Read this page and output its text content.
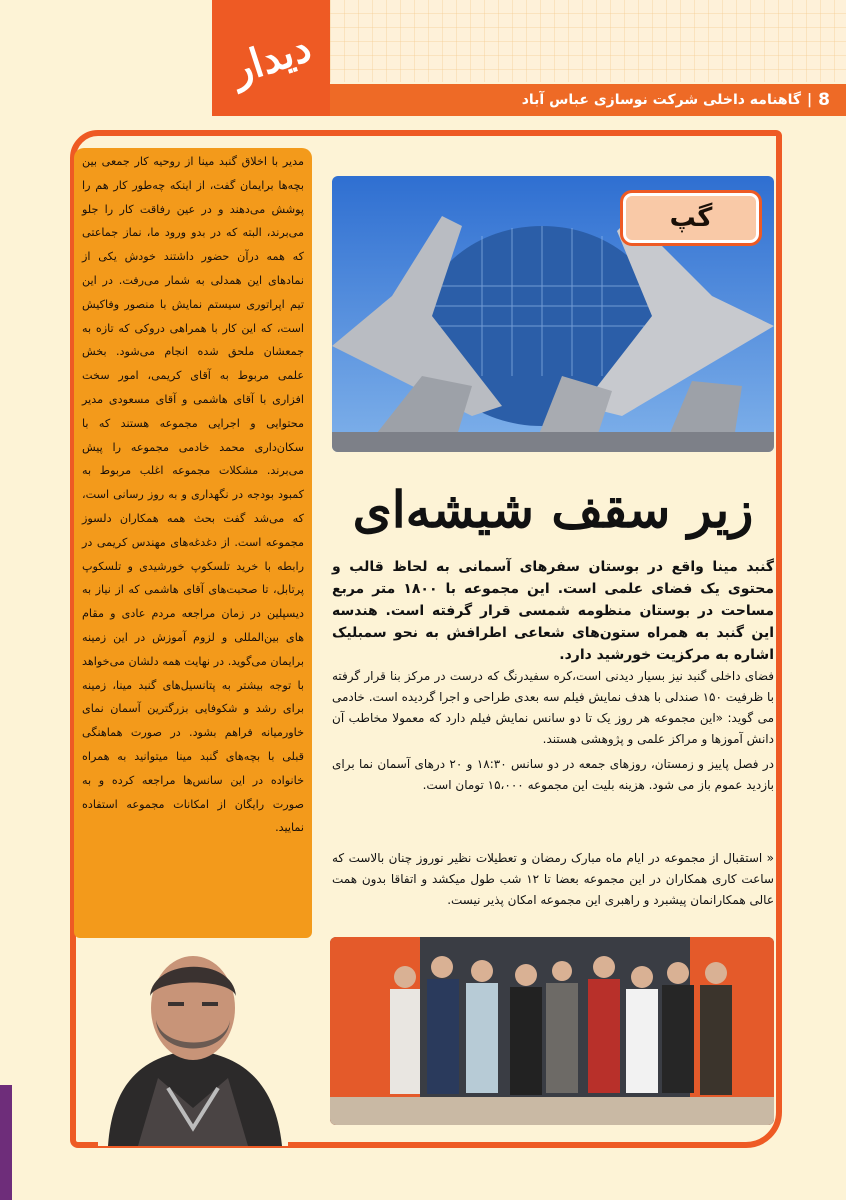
8
|
گاهنامه داخلی شرکت نوسازی عباس آباد
دیدار
مدیر با اخلاق گنبد مینا از روحیه کار جمعی بین بچه‌ها برایمان گفت، از اینکه چه‌طور کار هم را پوشش می‌دهند و در عین رفاقت کار را جلو می‌برند، البته که در بدو ورود ما، نماز جماعتی که همه درآن حضور داشتند خودش یکی از نمادهای این همدلی به شمار می‌رفت. در این تیم اپراتوری سیستم نمایش با منصور وفاکیش است، که این کار با همراهی دروکی که تازه به جمعشان ملحق شده انجام می‌شود. بخش علمی مربوط به آقای کریمی، امور سخت افزاری با آقای هاشمی و آقای مسعودی مدیر محتوایی و اجرایی مجموعه هستند که با سکان‌داری محمد خادمی مجموعه را پیش می‌برند. مشکلات مجموعه اغلب مربوط به کمبود بودجه در نگهداری و به روز رسانی است، که می‌شد گفت بحث همه همکاران دلسوز مجموعه است. از دغدغه‌های مهندس کریمی در رابطه با خرید تلسکوپ خورشیدی و تلسکوپ پرتابل، تا صحبت‌های آقای هاشمی که از نیاز به دیسپلین در زمان مراجعه مردم عادی و مقام های بین‌المللی و لزوم آموزش در این زمینه برایمان می‌گوید. در نهایت همه دلشان می‌خواهد با توجه بیشتر به پتانسیل‌های گنبد مینا، زمینه برای رشد و شکوفایی بزرگترین آسمان نمای خاورمیانه فراهم بشود. در صورت هماهنگی قبلی با بچه‌های گنبد مینا میتوانید به همراه خانواده در این سانس‌ها مراجعه کرده و به صورت رایگان از امکانات مجموعه استفاده نمایید.
گپ
زیر سقف شیشه‌ای
گنبد مینا واقع در بوستان سفرهای آسمانی به لحاظ قالب و محتوی یک فضای علمی است. این مجموعه با ۱۸۰۰ متر مربع مساحت در بوستان منظومه شمسی قرار گرفته است. هندسه این گنبد به همراه ستون‌های شعاعی اطرافش به نحو سمبلیک اشاره به مرکزیت خورشید دارد.

فضای داخلی گنبد نیز بسیار دیدنی است،کره سفیدرنگ که درست در مرکز بنا قرار گرفته با ظرفیت ۱۵۰ صندلی با هدف نمایش فیلم سه بعدی طراحی و اجرا گردیده است. خادمی می گوید: «این مجموعه هر روز یک تا دو سانس نمایش فیلم دارد که معمولا مخاطب آن دانش آموزها و مراکز علمی و پژوهشی هستند.

در فصل پاییز و زمستان، روزهای جمعه در دو سانس ۱۸:۳۰ و ۲۰ درهای آسمان نما برای بازدید عموم باز می شود. هزینه بلیت این مجموعه ۱۵،۰۰۰ تومان است.

« استقبال از مجموعه در ایام ماه مبارک رمضان و تعطیلات نظیر نوروز چنان بالاست که ساعت کاری همکاران در این مجموعه بعضا تا ۱۲ شب طول میکشد و اتفاقا بدون همت عالی همکارانمان پیشبرد و راهبری این مجموعه امکان پذیر نیست.
